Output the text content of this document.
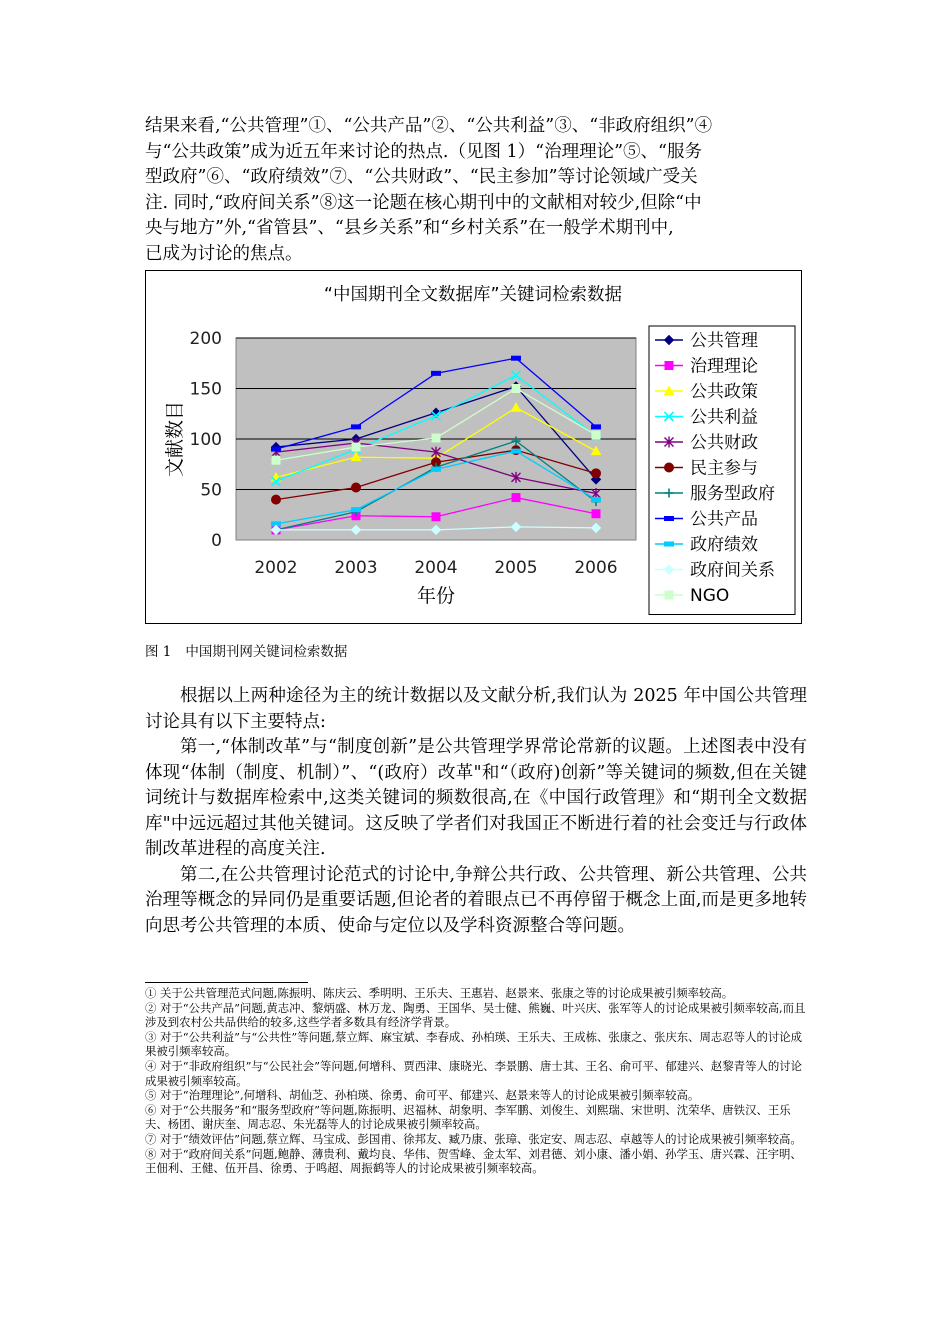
结果来看,“公共管理”①、“公共产品”②、“公共利益”③、“非政府组织”④
与“公共政策”成为近五年来讨论的热点.（见图 1）“治理理论”⑤、“服务
型政府”⑥、“政府绩效”⑦、“公共财政”、“民主参加”等讨论领域广受关
注. 同时,“政府间关系”⑧这一论题在核心期刊中的文献相对较少,但除“中
央与地方”外,“省管县”、“县乡关系”和“乡村关系”在一般学术期刊中,
已成为讨论的焦点。
“中国期刊全文数据库”关键词检索数据
0
50
100
150
200
2002 2003 2004 2005 2006
文献数目
年份
公共管理
治理理论
公共政策
公共利益
公共财政
民主参与
服务型政府
公共产品
政府绩效
政府间关系
NGO
图 1 中国期刊网关键词检索数据

根据以上两种途径为主的统计数据以及文献分析,我们认为 2025 年中国公共管理讨论具有以下主要特点:

第一,“体制改革”与“制度创新”是公共管理学界常论常新的议题。上述图表中没有体现“体制（制度、机制）”、“(政府）改革"和“（政府)创新”等关键词的频数,但在关键词统计与数据库检索中,这类关键词的频数很高,在《中国行政管理》和“期刊全文数据库"中远远超过其他关键词。这反映了学者们对我国正不断进行着的社会变迁与行政体制改革进程的高度关注.

第二,在公共管理讨论范式的讨论中,争辩公共行政、公共管理、新公共管理、公共治理等概念的异同仍是重要话题,但论者的着眼点已不再停留于概念上面,而是更多地转向思考公共管理的本质、使命与定位以及学科资源整合等问题。

① 关于公共管理范式问题,陈振明、陈庆云、季明明、王乐夫、王惠岩、赵景来、张康之等的讨论成果被引频率较高。

② 对于“公共产品”问题,黄志冲、黎炳盛、林万龙、陶勇、王国华、吴士健、熊巍、叶兴庆、张军等人的讨论成果被引频率较高,而且涉及到农村公共品供给的较多,这些学者多数具有经济学背景。

③ 对于“公共利益”与“公共性”等问题,蔡立辉、麻宝斌、李春成、孙柏瑛、王乐夫、王成栋、张康之、张庆东、周志忍等人的讨论成果被引频率较高。

④ 对于“非政府组织”与“公民社会”等问题,何增科、贾西津、康晓光、李景鹏、唐士其、王名、俞可平、郁建兴、赵黎青等人的讨论成果被引频率较高。

⑤ 对于“治理理论”,何增科、胡仙芝、孙柏瑛、徐勇、俞可平、郁建兴、赵景来等人的讨论成果被引频率较高。

⑥ 对于“公共服务”和“服务型政府”等问题,陈振明、迟福林、胡象明、李军鹏、刘俊生、刘熙瑞、宋世明、沈荣华、唐铁汉、王乐夫、杨团、谢庆奎、周志忍、朱光磊等人的讨论成果被引频率较高。

⑦ 对于“绩效评估”问题,蔡立辉、马宝成、彭国甫、徐邦友、臧乃康、张璋、张定安、周志忍、卓越等人的讨论成果被引频率较高。

⑧ 对于“政府间关系”问题,鲍静、薄贵利、戴均良、华伟、贺雪峰、金太军、刘君德、刘小康、潘小娟、孙学玉、唐兴霖、汪宇明、王佃利、王健、伍开昌、徐勇、于鸣超、周振鹤等人的讨论成果被引频率较高。
